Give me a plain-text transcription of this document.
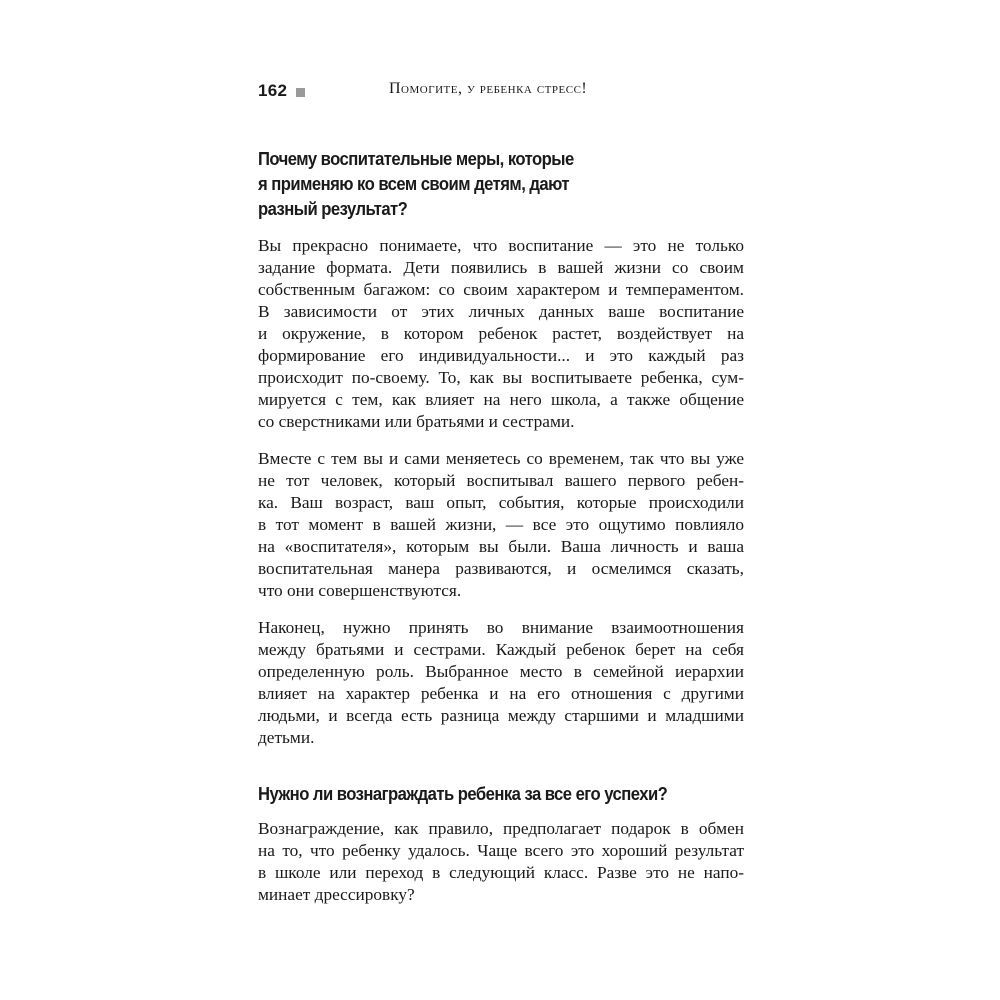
162	Помогите, у ребенка стресс!
Почему воспитательные меры, которые
я применяю ко всем своим детям, дают
разный результат?
Вы прекрасно понимаете, что воспитание — это не только
задание формата. Дети появились в вашей жизни со своим
собственным багажом: со своим характером и темпераментом.
В зависимости от этих личных данных ваше воспитание
и окружение, в котором ребенок растет, воздействует на
формирование его индивидуальности... и это каждый раз
происходит по-своему. То, как вы воспитываете ребенка, сум-
мируется с тем, как влияет на него школа, а также общение
со сверстниками или братьями и сестрами.
Вместе с тем вы и сами меняетесь со временем, так что вы уже
не тот человек, который воспитывал вашего первого ребен-
ка. Ваш возраст, ваш опыт, события, которые происходили
в тот момент в вашей жизни, — все это ощутимо повлияло
на «воспитателя», которым вы были. Ваша личность и ваша
воспитательная манера развиваются, и осмелимся сказать,
что они совершенствуются.
Наконец, нужно принять во внимание взаимоотношения
между братьями и сестрами. Каждый ребенок берет на себя
определенную роль. Выбранное место в семейной иерархии
влияет на характер ребенка и на его отношения с другими
людьми, и всегда есть разница между старшими и младшими
детьми.
Нужно ли вознаграждать ребенка за все его успехи?
Вознаграждение, как правило, предполагает подарок в обмен
на то, что ребенку удалось. Чаще всего это хороший результат
в школе или переход в следующий класс. Разве это не напо-
минает дрессировку?
